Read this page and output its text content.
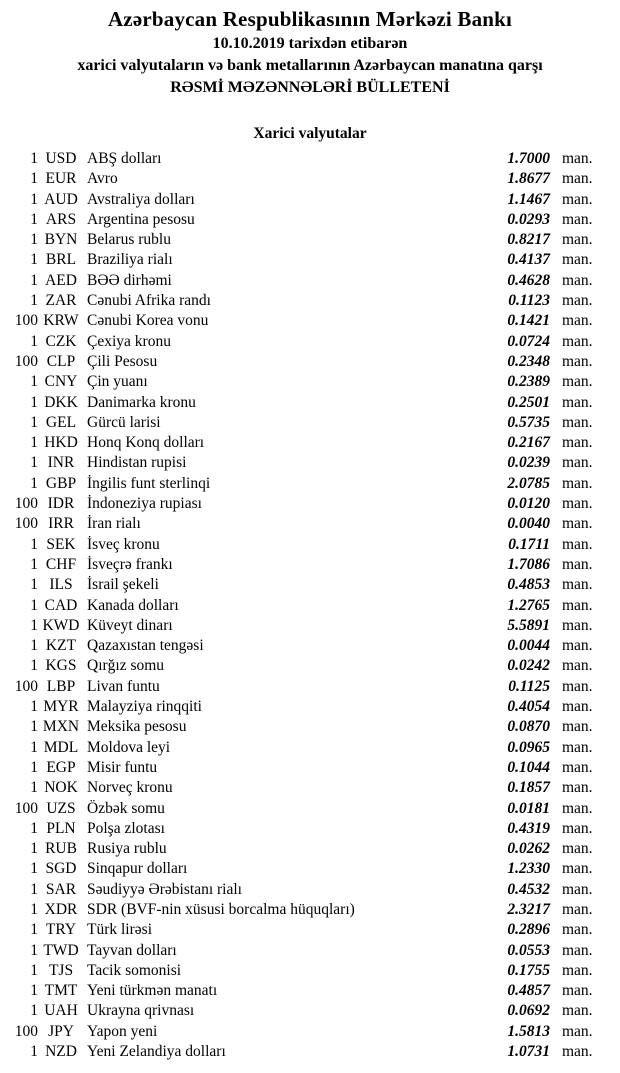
Azərbaycan Respublikasının Mərkəzi Bankı
10.10.2019 tarixdən etibarən
xarici valyutaların və bank metallarının Azərbaycan manatına qarşı
RƏSMİ MƏZƏNNƏLƏRİ BÜLLETENİ
Xarici valyutalar
1 USD ABŞ dolları	1.7000 man.
1 EUR Avro	1.8677 man.
1 AUD Avstraliya dolları	1.1467 man.
1 ARS Argentina pesosu	0.0293 man.
1 BYN Belarus rublu	0.8217 man.
1 BRL Braziliya rialı	0.4137 man.
1 AED BƏƏ dirhəmi	0.4628 man.
1 ZAR Cənubi Afrika randı	0.1123 man.
100 KRW Cənubi Korea vonu	0.1421 man.
1 CZK Çexiya kronu	0.0724 man.
100 CLP Çili Pesosu	0.2348 man.
1 CNY Çin yuanı	0.2389 man.
1 DKK Danimarka kronu	0.2501 man.
1 GEL Gürcü larisi	0.5735 man.
1 HKD Honq Konq dolları	0.2167 man.
1 INR Hindistan rupisi	0.0239 man.
1 GBP İngilis funt sterlinqi	2.0785 man.
100 IDR İndoneziya rupiası	0.0120 man.
100 IRR İran rialı	0.0040 man.
1 SEK İsveç kronu	0.1711 man.
1 CHF İsveçrə frankı	1.7086 man.
1 ILS İsrail şekeli	0.4853 man.
1 CAD Kanada dolları	1.2765 man.
1 KWD Küveyt dinarı	5.5891 man.
1 KZT Qazaxıstan tengəsi	0.0044 man.
1 KGS Qırğız somu	0.0242 man.
100 LBP Livan funtu	0.1125 man.
1 MYR Malayziya rinqqiti	0.4054 man.
1 MXN Meksika pesosu	0.0870 man.
1 MDL Moldova leyi	0.0965 man.
1 EGP Misir funtu	0.1044 man.
1 NOK Norveç kronu	0.1857 man.
100 UZS Özbək somu	0.0181 man.
1 PLN Polşa zlotası	0.4319 man.
1 RUB Rusiya rublu	0.0262 man.
1 SGD Sinqapur dolları	1.2330 man.
1 SAR Səudiyyə Ərəbistanı rialı	0.4532 man.
1 XDR SDR (BVF-nin xüsusi borcalma hüquqları)	2.3217 man.
1 TRY Türk lirəsi	0.2896 man.
1 TWD Tayvan dolları	0.0553 man.
1 TJS Tacik somonisi	0.1755 man.
1 TMT Yeni türkmən manatı	0.4857 man.
1 UAH Ukrayna qrivnası	0.0692 man.
100 JPY Yapon yeni	1.5813 man.
1 NZD Yeni Zelandiya dolları	1.0731 man.
